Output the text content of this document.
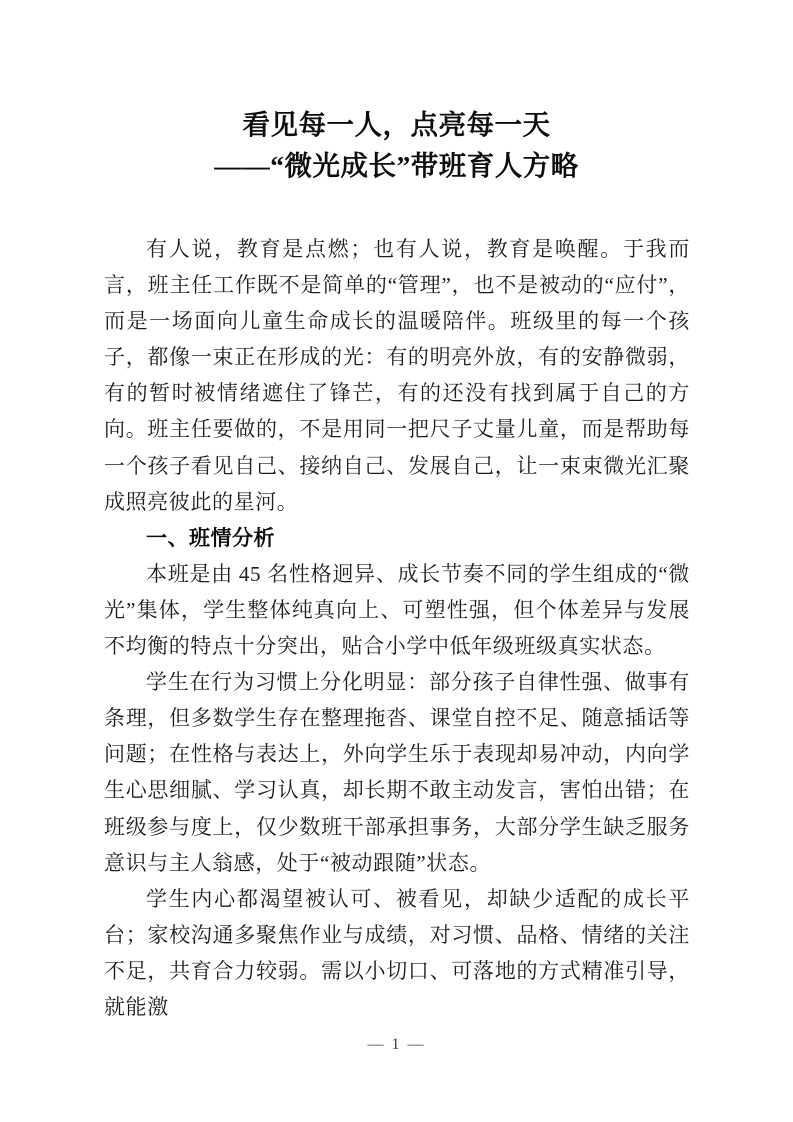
看见每一人，点亮每一天
——“微光成长”带班育人方略

有人说，教育是点燃；也有人说，教育是唤醒。于我而言，班主任工作既不是简单的“管理”，也不是被动的“应付”，而是一场面向儿童生命成长的温暖陪伴。班级里的每一个孩子，都像一束正在形成的光：有的明亮外放，有的安静微弱，有的暂时被情绪遮住了锋芒，有的还没有找到属于自己的方向。班主任要做的，不是用同一把尺子丈量儿童，而是帮助每一个孩子看见自己、接纳自己、发展自己，让一束束微光汇聚成照亮彼此的星河。

一、班情分析

本班是由 45 名性格迥异、成长节奏不同的学生组成的“微光”集体，学生整体纯真向上、可塑性强，但个体差异与发展不均衡的特点十分突出，贴合小学中低年级班级真实状态。

学生在行为习惯上分化明显：部分孩子自律性强、做事有条理，但多数学生存在整理拖沓、课堂自控不足、随意插话等问题；在性格与表达上，外向学生乐于表现却易冲动，内向学生心思细腻、学习认真，却长期不敢主动发言，害怕出错；在班级参与度上，仅少数班干部承担事务，大部分学生缺乏服务意识与主人翁感，处于“被动跟随”状态。

学生内心都渴望被认可、被看见，却缺少适配的成长平台；家校沟通多聚焦作业与成绩，对习惯、品格、情绪的关注不足，共育合力较弱。需以小切口、可落地的方式精准引导，就能激

— 1 —
